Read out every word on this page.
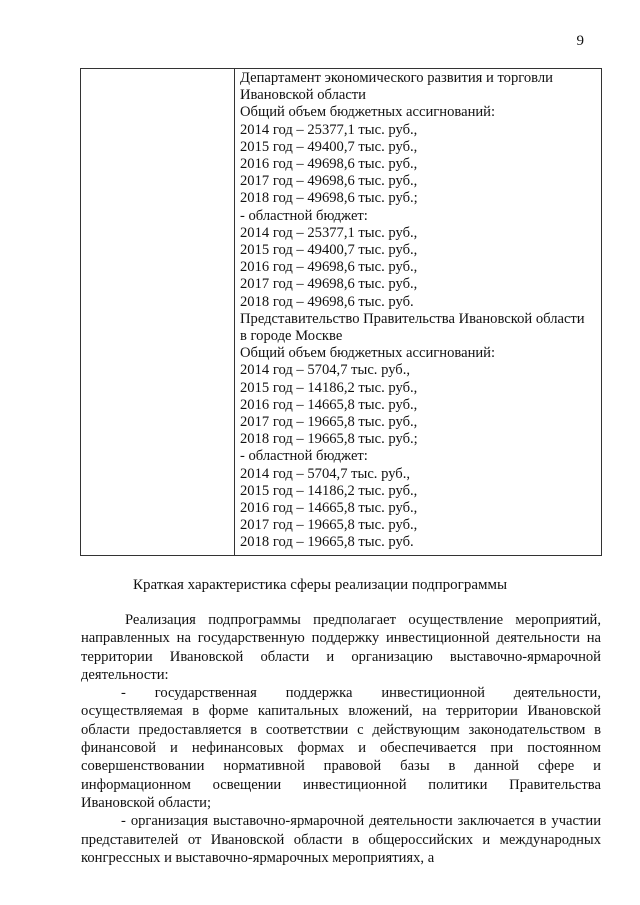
9

Департамент экономического развития и торговли
Ивановской области
Общий объем бюджетных ассигнований:
2014 год – 25377,1 тыс. руб.,
2015 год – 49400,7 тыс. руб.,
2016 год – 49698,6 тыс. руб.,
2017 год – 49698,6 тыс. руб.,
2018 год – 49698,6 тыс. руб.;
- областной бюджет:
2014 год – 25377,1 тыс. руб.,
2015 год – 49400,7 тыс. руб.,
2016 год – 49698,6 тыс. руб.,
2017 год – 49698,6 тыс. руб.,
2018 год – 49698,6 тыс. руб.
Представительство Правительства Ивановской области
в городе Москве
Общий объем бюджетных ассигнований:
2014 год – 5704,7 тыс. руб.,
2015 год – 14186,2 тыс. руб.,
2016 год – 14665,8 тыс. руб.,
2017 год – 19665,8 тыс. руб.,
2018 год – 19665,8 тыс. руб.;
- областной бюджет:
2014 год – 5704,7 тыс. руб.,
2015 год – 14186,2 тыс. руб.,
2016 год – 14665,8 тыс. руб.,
2017 год – 19665,8 тыс. руб.,
2018 год – 19665,8 тыс. руб.
Краткая характеристика сферы реализации подпрограммы

Реализация подпрограммы предполагает осуществление мероприятий, направленных на государственную поддержку инвестиционной деятельности на территории Ивановской области и организацию выставочно-ярмарочной деятельности:

- государственная поддержка инвестиционной деятельности, осуществляемая в форме капитальных вложений, на территории Ивановской области предоставляется в соответствии с действующим законодательством в финансовой и нефинансовых формах и обеспечивается при постоянном совершенствовании нормативной правовой базы в данной сфере и информационном освещении инвестиционной политики Правительства Ивановской области;

- организация выставочно-ярмарочной деятельности заключается в участии представителей от Ивановской области в общероссийских и международных конгрессных и выставочно-ярмарочных мероприятиях, а
